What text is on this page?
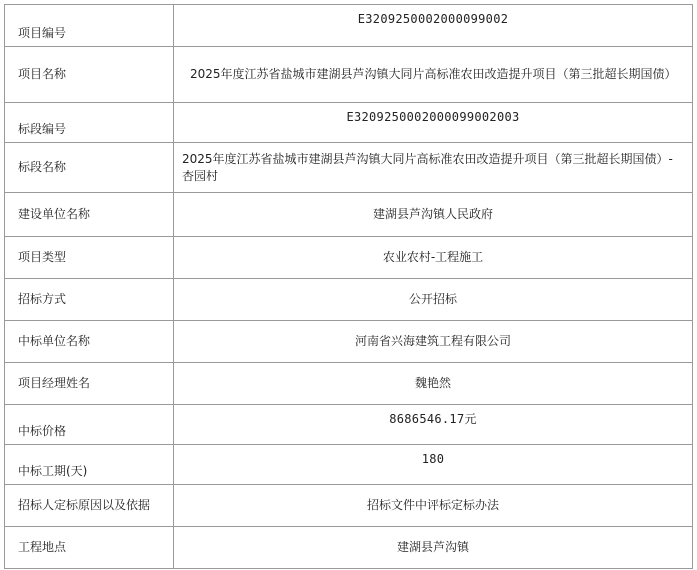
项目编号	E3209250002000099002
项目名称	2025年度江苏省盐城市建湖县芦沟镇大同片高标准农田改造提升项目（第三批超长期国债）
标段编号	E3209250002000099002003
标段名称	2025年度江苏省盐城市建湖县芦沟镇大同片高标准农田改造提升项目（第三批超长期国债）-杏园村
建设单位名称	建湖县芦沟镇人民政府
项目类型	农业农村-工程施工
招标方式	公开招标
中标单位名称	河南省兴海建筑工程有限公司
项目经理姓名	魏艳然
中标价格	8686546.17元
中标工期(天)	180
招标人定标原因以及依据	招标文件中评标定标办法
工程地点	建湖县芦沟镇
